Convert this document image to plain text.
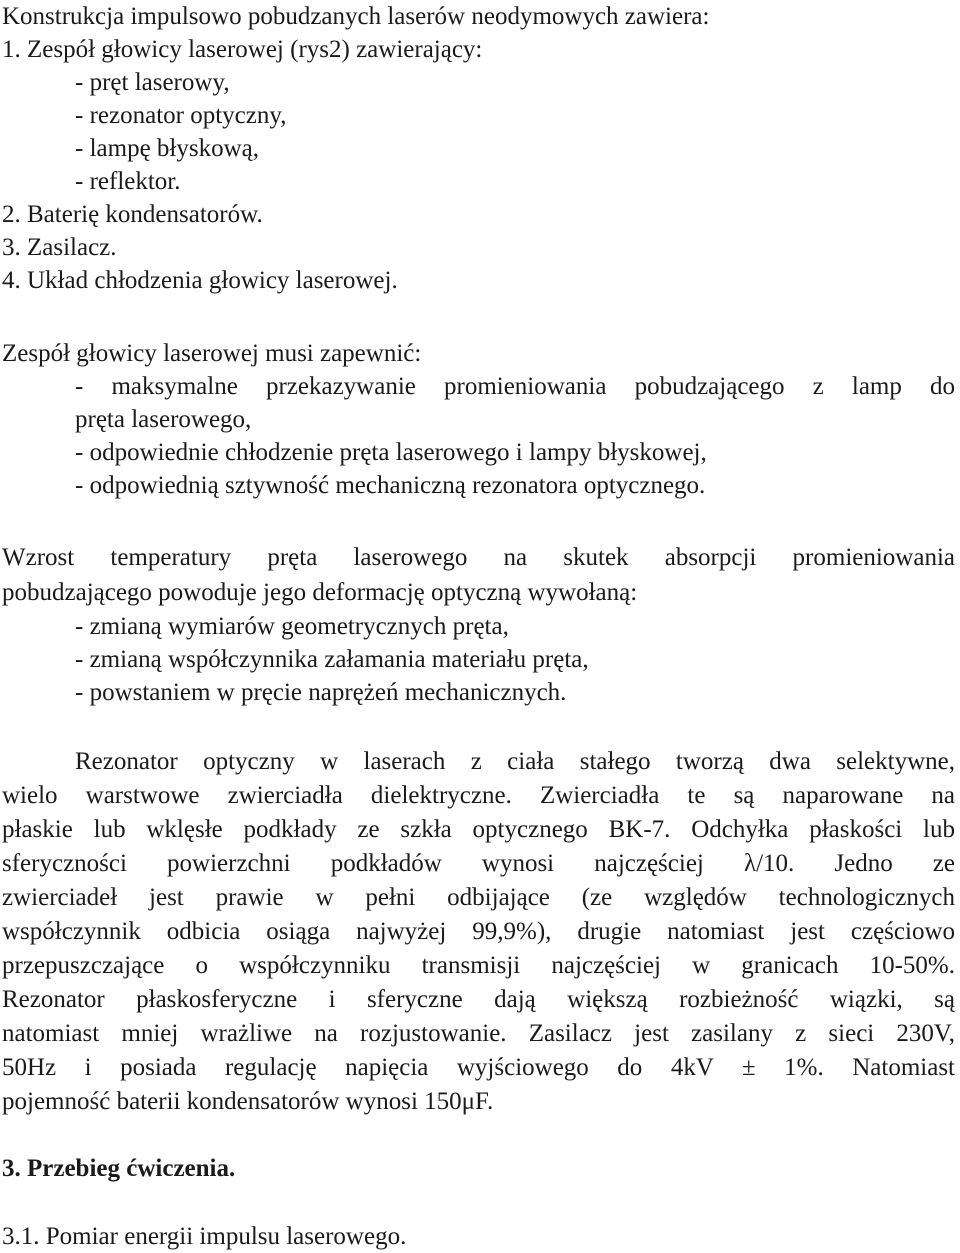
Konstrukcja impulsowo pobudzanych laserów neodymowych zawiera:
1. Zespół głowicy laserowej (rys2) zawierający:
- pręt laserowy,
- rezonator optyczny,
- lampę błyskową,
- reflektor.
2. Baterię kondensatorów.
3. Zasilacz.
4. Układ chłodzenia głowicy laserowej.
Zespół głowicy laserowej musi zapewnić:
- maksymalne przekazywanie promieniowania pobudzającego z lamp do
pręta laserowego,
- odpowiednie chłodzenie pręta laserowego i lampy błyskowej,
- odpowiednią sztywność mechaniczną rezonatora optycznego.
Wzrost temperatury pręta laserowego na skutek absorpcji promieniowania
pobudzającego powoduje jego deformację optyczną wywołaną:
- zmianą wymiarów geometrycznych pręta,
- zmianą współczynnika załamania materiału pręta,
- powstaniem w pręcie naprężeń mechanicznych.
Rezonator optyczny w laserach z ciała stałego tworzą dwa selektywne,
wielo warstwowe zwierciadła dielektryczne. Zwierciadła te są naparowane na
płaskie lub wklęsłe podkłady ze szkła optycznego BK-7. Odchyłka płaskości lub
sferyczności powierzchni podkładów wynosi najczęściej λ/10. Jedno ze
zwierciadeł jest prawie w pełni odbijające (ze względów technologicznych
współczynnik odbicia osiąga najwyżej 99,9%), drugie natomiast jest częściowo
przepuszczające o współczynniku transmisji najczęściej w granicach 10-50%.
Rezonator płaskosferyczne i sferyczne dają większą rozbieżność wiązki, są
natomiast mniej wrażliwe na rozjustowanie. Zasilacz jest zasilany z sieci 230V,
50Hz i posiada regulację napięcia wyjściowego do 4kV ± 1%. Natomiast
pojemność baterii kondensatorów wynosi 150μF.
3. Przebieg ćwiczenia.
3.1. Pomiar energii impulsu laserowego.
